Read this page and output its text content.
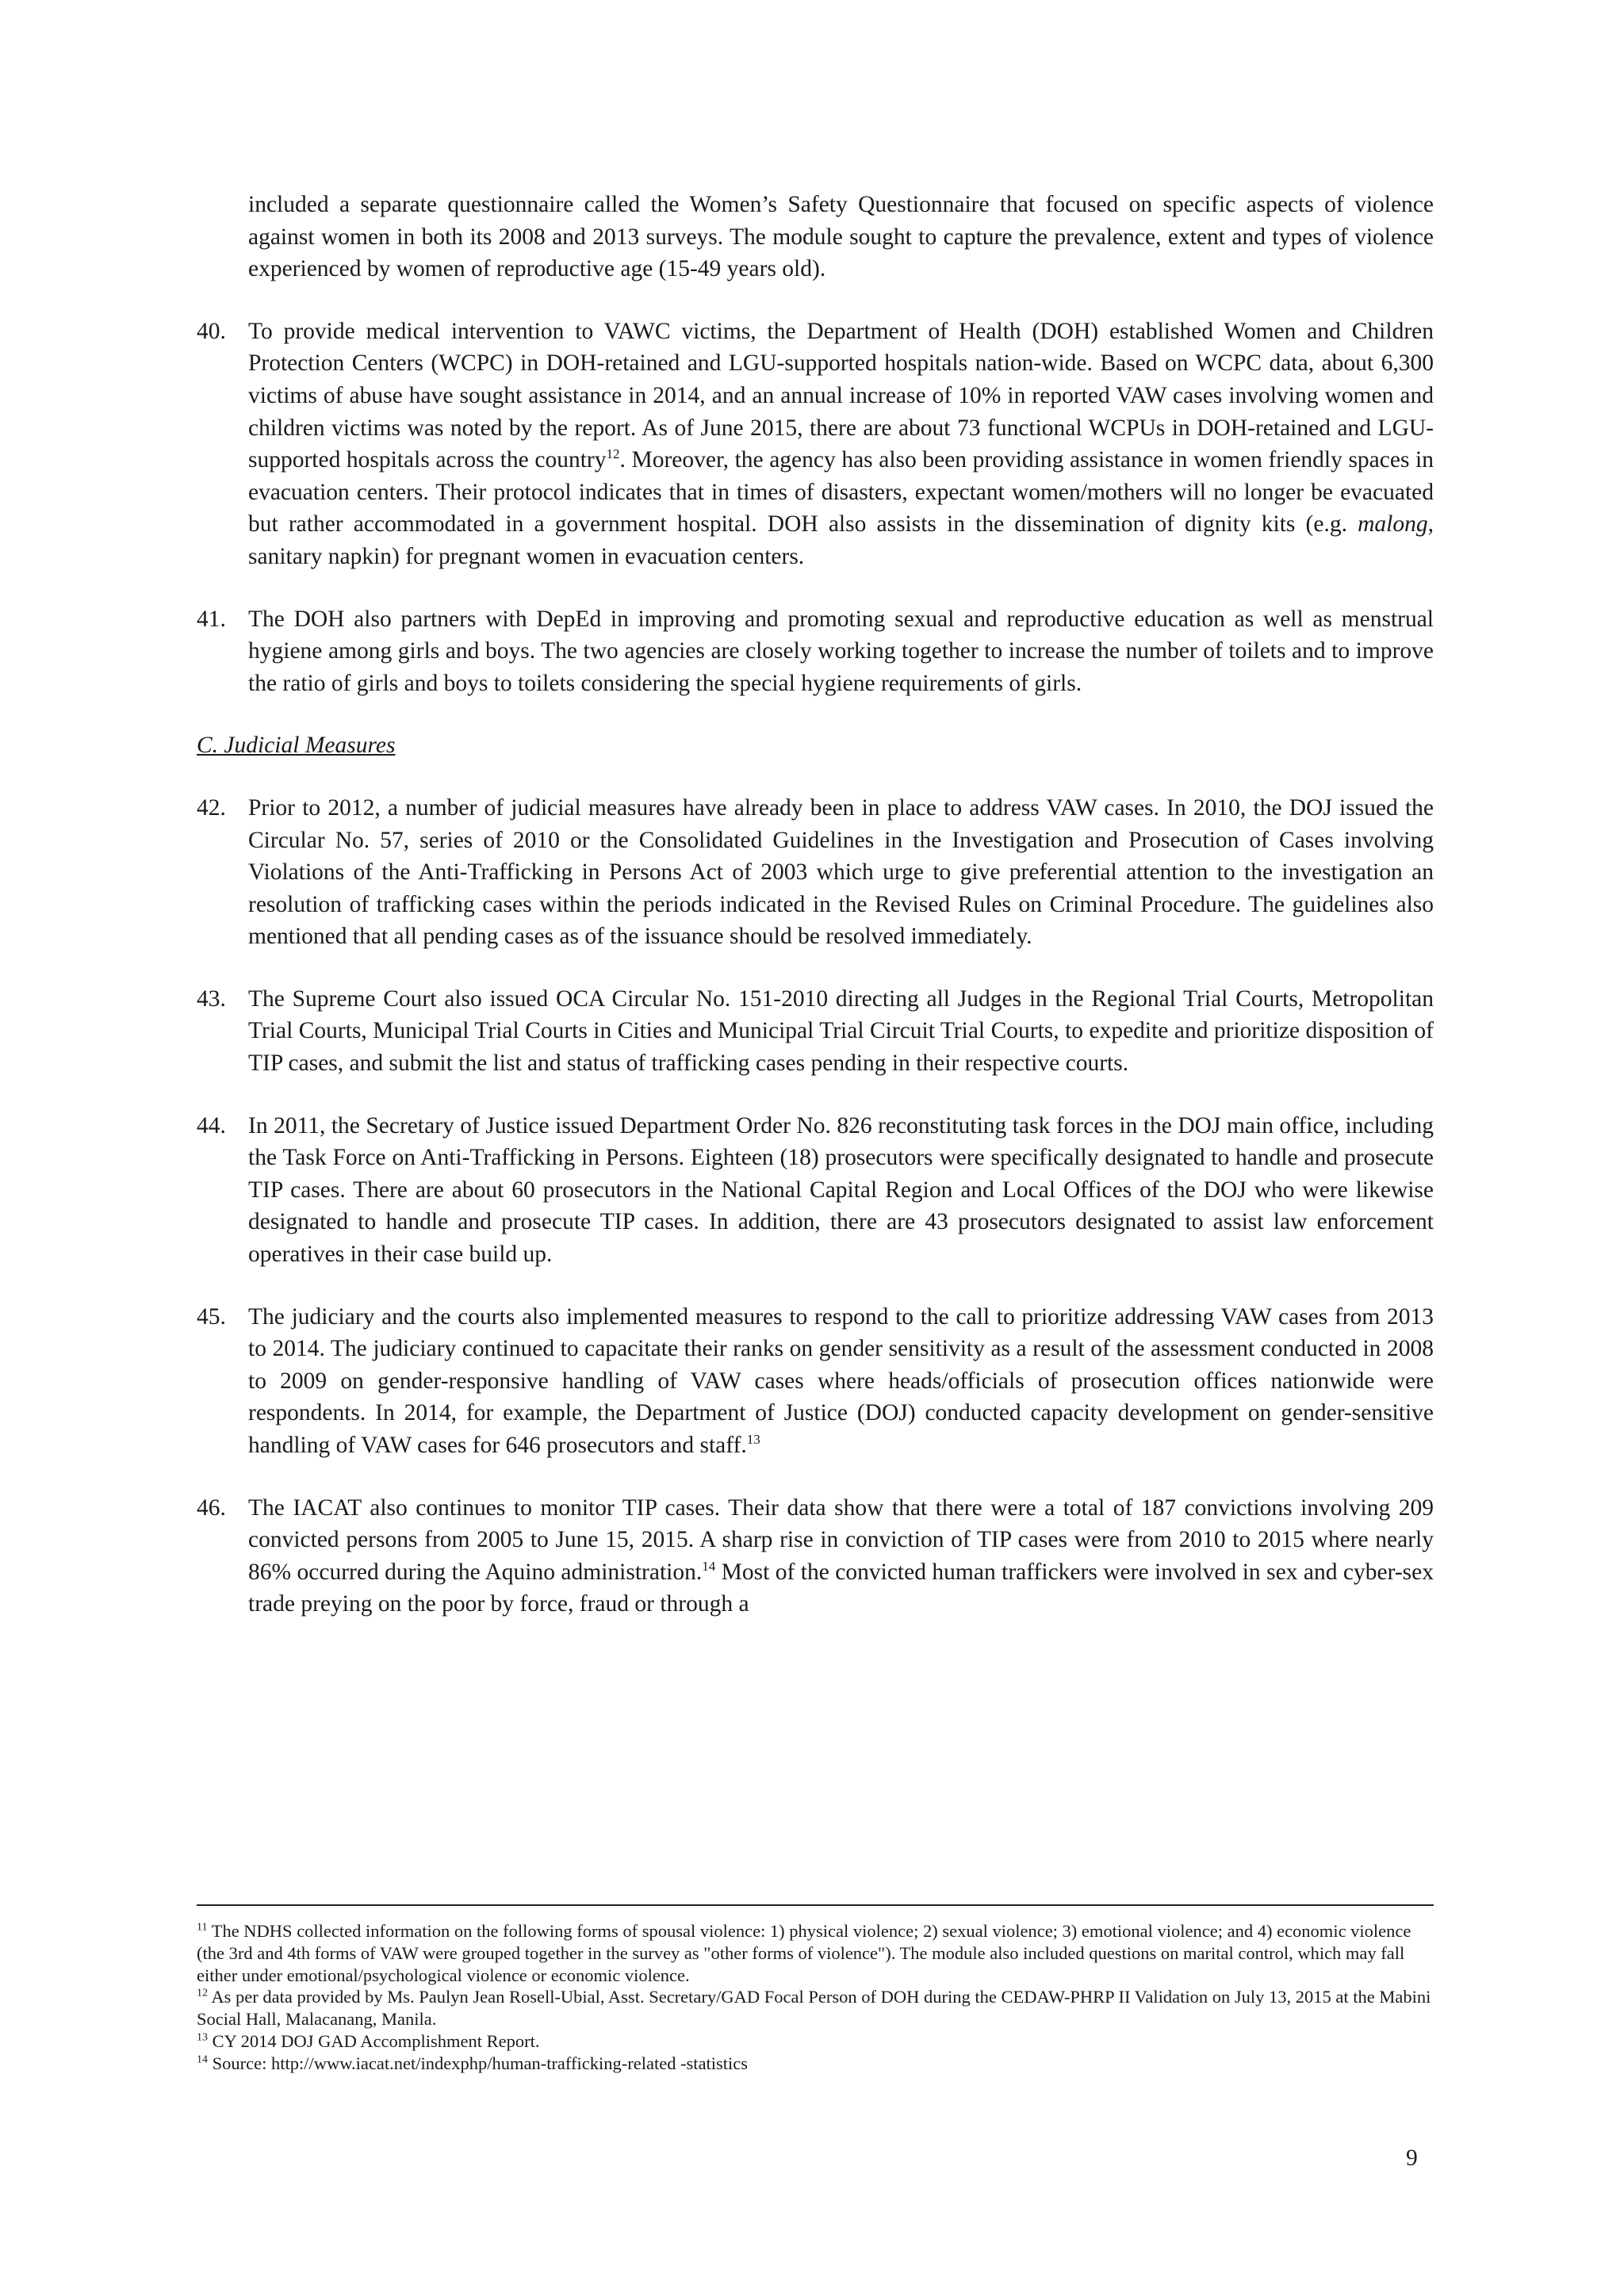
included a separate questionnaire called the Women’s Safety Questionnaire that focused on specific aspects of violence against women in both its 2008 and 2013 surveys. The module sought to capture the prevalence, extent and types of violence experienced by women of reproductive age (15-49 years old).

40. To provide medical intervention to VAWC victims, the Department of Health (DOH) established Women and Children Protection Centers (WCPC) in DOH-retained and LGU-supported hospitals nation-wide. Based on WCPC data, about 6,300 victims of abuse have sought assistance in 2014, and an annual increase of 10% in reported VAW cases involving women and children victims was noted by the report. As of June 2015, there are about 73 functional WCPUs in DOH-retained and LGU-supported hospitals across the country$^{12}$. Moreover, the agency has also been providing assistance in women friendly spaces in evacuation centers. Their protocol indicates that in times of disasters, expectant women/mothers will no longer be evacuated but rather accommodated in a government hospital. DOH also assists in the dissemination of dignity kits (e.g. malong, sanitary napkin) for pregnant women in evacuation centers.
41. The DOH also partners with DepEd in improving and promoting sexual and reproductive education as well as menstrual hygiene among girls and boys. The two agencies are closely working together to increase the number of toilets and to improve the ratio of girls and boys to toilets considering the special hygiene requirements of girls.

C. Judicial Measures

42. Prior to 2012, a number of judicial measures have already been in place to address VAW cases. In 2010, the DOJ issued the Circular No. 57, series of 2010 or the Consolidated Guidelines in the Investigation and Prosecution of Cases involving Violations of the Anti-Trafficking in Persons Act of 2003 which urge to give preferential attention to the investigation an resolution of trafficking cases within the periods indicated in the Revised Rules on Criminal Procedure. The guidelines also mentioned that all pending cases as of the issuance should be resolved immediately.
43. The Supreme Court also issued OCA Circular No. 151-2010 directing all Judges in the Regional Trial Courts, Metropolitan Trial Courts, Municipal Trial Courts in Cities and Municipal Trial Circuit Trial Courts, to expedite and prioritize disposition of TIP cases, and submit the list and status of trafficking cases pending in their respective courts.
44. In 2011, the Secretary of Justice issued Department Order No. 826 reconstituting task forces in the DOJ main office, including the Task Force on Anti-Trafficking in Persons. Eighteen (18) prosecutors were specifically designated to handle and prosecute TIP cases. There are about 60 prosecutors in the National Capital Region and Local Offices of the DOJ who were likewise designated to handle and prosecute TIP cases. In addition, there are 43 prosecutors designated to assist law enforcement operatives in their case build up.
45. The judiciary and the courts also implemented measures to respond to the call to prioritize addressing VAW cases from 2013 to 2014. The judiciary continued to capacitate their ranks on gender sensitivity as a result of the assessment conducted in 2008 to 2009 on gender-responsive handling of VAW cases where heads/officials of prosecution offices nationwide were respondents. In 2014, for example, the Department of Justice (DOJ) conducted capacity development on gender-sensitive handling of VAW cases for 646 prosecutors and staff.$^{13}$
46. The IACAT also continues to monitor TIP cases. Their data show that there were a total of 187 convictions involving 209 convicted persons from 2005 to June 15, 2015. A sharp rise in conviction of TIP cases were from 2010 to 2015 where nearly 86% occurred during the Aquino administration.$^{14}$ Most of the convicted human traffickers were involved in sex and cyber-sex trade preying on the poor by force, fraud or through a

$^{11}$ The NDHS collected information on the following forms of spousal violence: 1) physical violence; 2) sexual violence; 3) emotional violence; and 4) economic violence (the 3rd and 4th forms of VAW were grouped together in the survey as "other forms of violence"). The module also included questions on marital control, which may fall either under emotional/psychological violence or economic violence.

$^{12}$ As per data provided by Ms. Paulyn Jean Rosell-Ubial, Asst. Secretary/GAD Focal Person of DOH during the CEDAW-PHRP II Validation on July 13, 2015 at the Mabini Social Hall, Malacanang, Manila.

$^{13}$ CY 2014 DOJ GAD Accomplishment Report.

$^{14}$ Source: http://www.iacat.net/indexphp/human-trafficking-related -statistics

9
